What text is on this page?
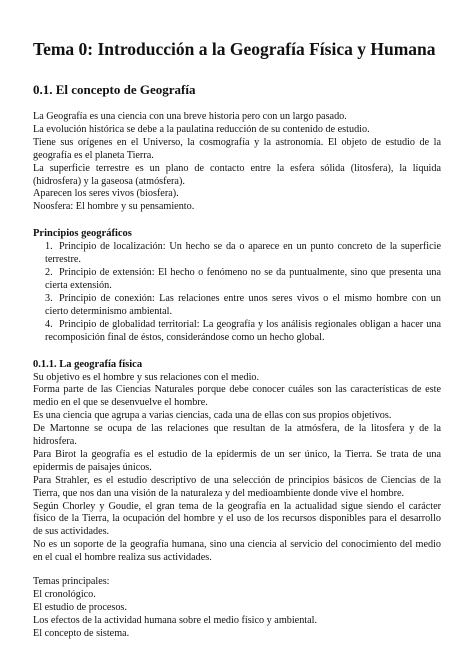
Tema 0: Introducción a la Geografía Física y Humana
0.1. El concepto de Geografía

La Geografía es una ciencia con una breve historia pero con un largo pasado.

La evolución histórica se debe a la paulatina reducción de su contenido de estudio.

Tiene sus orígenes en el Universo, la cosmografía y la astronomía. El objeto de estudio de la geografía es el planeta Tierra.

La superficie terrestre es un plano de contacto entre la esfera sólida (litosfera), la líquida (hidrosfera) y la gaseosa (atmósfera).

Aparecen los seres vivos (biosfera).

Noosfera: El hombre y su pensamiento.

Principios geográficos
1. Principio de localización: Un hecho se da o aparece en un punto concreto de la superficie terrestre.
2. Principio de extensión: El hecho o fenómeno no se da puntualmente, sino que presenta una cierta extensión.
3. Principio de conexión: Las relaciones entre unos seres vivos o el mismo hombre con un cierto determinismo ambiental.
4. Principio de globalidad territorial: La geografía y los análisis regionales obligan a hacer una recomposición final de éstos, considerándose como un hecho global.
0.1.1. La geografía física

Su objetivo es el hombre y sus relaciones con el medio.

Forma parte de las Ciencias Naturales porque debe conocer cuáles son las características de este medio en el que se desenvuelve el hombre.

Es una ciencia que agrupa a varias ciencias, cada una de ellas con sus propios objetivos.

De Martonne se ocupa de las relaciones que resultan de la atmósfera, de la litosfera y de la hidrosfera.

Para Birot la geografía es el estudio de la epidermis de un ser único, la Tierra. Se trata de una epidermis de paisajes únicos.

Para Strahler, es el estudio descriptivo de una selección de principios básicos de Ciencias de la Tierra, que nos dan una visión de la naturaleza y del medioambiente donde vive el hombre.

Según Chorley y Goudie, el gran tema de la geografía en la actualidad sigue siendo el carácter físico de la Tierra, la ocupación del hombre y el uso de los recursos disponibles para el desarrollo de sus actividades.

No es un soporte de la geografía humana, sino una ciencia al servicio del conocimiento del medio en el cual el hombre realiza sus actividades.

Temas principales:

El cronológico.

El estudio de procesos.

Los efectos de la actividad humana sobre el medio físico y ambiental.

El concepto de sistema.
